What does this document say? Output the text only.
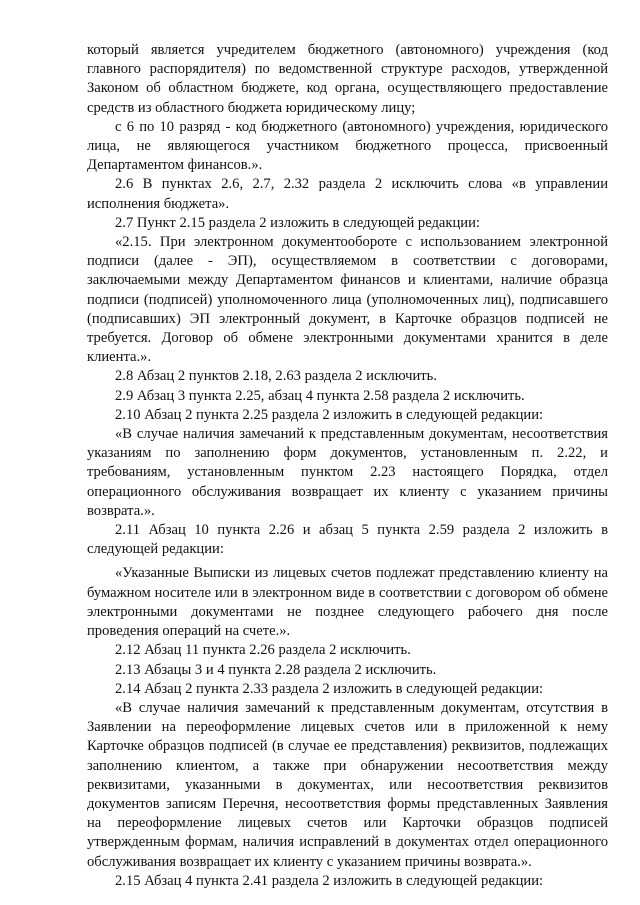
который является учредителем бюджетного (автономного) учреждения (код главного распорядителя) по ведомственной структуре расходов, утвержденной Законом об областном бюджете, код органа, осуществляющего предоставление средств из областного бюджета юридическому лицу;

с 6 по 10 разряд - код бюджетного (автономного) учреждения, юридического лица, не являющегося участником бюджетного процесса, присвоенный Департаментом финансов.».

2.6 В пунктах 2.6, 2.7, 2.32 раздела 2 исключить слова «в управлении исполнения бюджета».

2.7 Пункт 2.15 раздела 2 изложить в следующей редакции:

«2.15. При электронном документообороте с использованием электронной подписи (далее - ЭП), осуществляемом в соответствии с договорами, заключаемыми между Департаментом финансов и клиентами, наличие образца подписи (подписей) уполномоченного лица (уполномоченных лиц), подписавшего (подписавших) ЭП электронный документ, в Карточке образцов подписей не требуется. Договор об обмене электронными документами хранится в деле клиента.».

2.8 Абзац 2 пунктов 2.18, 2.63 раздела 2 исключить.

2.9 Абзац 3 пункта 2.25, абзац 4 пункта 2.58 раздела 2 исключить.

2.10 Абзац 2 пункта 2.25 раздела 2 изложить в следующей редакции:

«В случае наличия замечаний к представленным документам, несоответствия указаниям по заполнению форм документов, установленным п. 2.22, и требованиям, установленным пунктом 2.23 настоящего Порядка, отдел операционного обслуживания возвращает их клиенту с указанием причины возврата.».

2.11 Абзац 10 пункта 2.26 и абзац 5 пункта 2.59 раздела 2 изложить в следующей редакции:

«Указанные Выписки из лицевых счетов подлежат представлению клиенту на бумажном носителе или в электронном виде в соответствии с договором об обмене электронными документами не позднее следующего рабочего дня после проведения операций на счете.».

2.12 Абзац 11 пункта 2.26 раздела 2 исключить.

2.13 Абзацы 3 и 4 пункта 2.28 раздела 2 исключить.

2.14 Абзац 2 пункта 2.33 раздела 2 изложить в следующей редакции:

«В случае наличия замечаний к представленным документам, отсутствия в Заявлении на переоформление лицевых счетов или в приложенной к нему Карточке образцов подписей (в случае ее представления) реквизитов, подлежащих заполнению клиентом, а также при обнаружении несоответствия между реквизитами, указанными в документах, или несоответствия реквизитов документов записям Перечня, несоответствия формы представленных Заявления на переоформление лицевых счетов или Карточки образцов подписей утвержденным формам, наличия исправлений в документах отдел операционного обслуживания возвращает их клиенту с указанием причины возврата.».

2.15 Абзац 4 пункта 2.41 раздела 2 изложить в следующей редакции:
